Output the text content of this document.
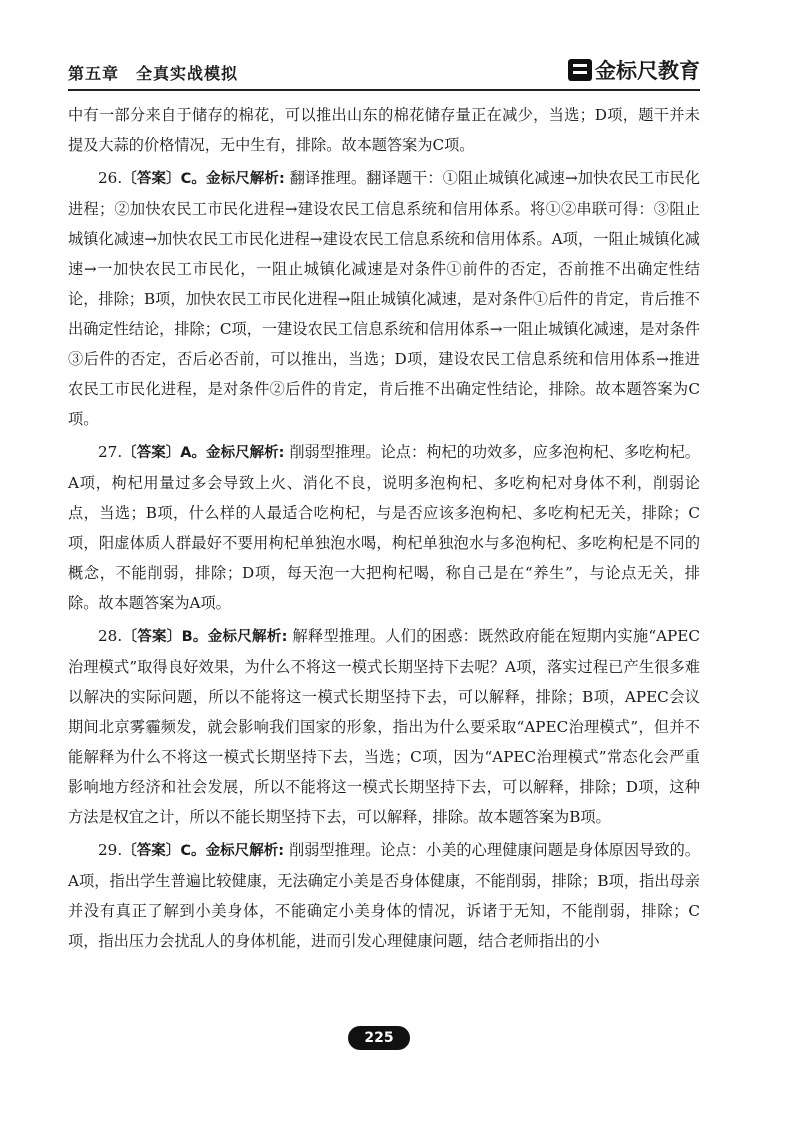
第五章　全真实战模拟	金标尺教育

中有一部分来自于储存的棉花，可以推出山东的棉花储存量正在减少，当选；D项，题干并未提及大蒜的价格情况，无中生有，排除。故本题答案为C项。

26.〔答案〕C。金标尺解析: 翻译推理。翻译题干：①阻止城镇化减速→加快农民工市民化进程；②加快农民工市民化进程→建设农民工信息系统和信用体系。将①②串联可得：③阻止城镇化减速→加快农民工市民化进程→建设农民工信息系统和信用体系。A项，一阻止城镇化减速→一加快农民工市民化，一阻止城镇化减速是对条件①前件的否定，否前推不出确定性结论，排除；B项，加快农民工市民化进程→阻止城镇化减速，是对条件①后件的肯定，肯后推不出确定性结论，排除；C项，一建设农民工信息系统和信用体系→一阻止城镇化减速，是对条件③后件的否定，否后必否前，可以推出，当选；D项，建设农民工信息系统和信用体系→推进农民工市民化进程，是对条件②后件的肯定，肯后推不出确定性结论，排除。故本题答案为C项。

27.〔答案〕A。金标尺解析: 削弱型推理。论点：枸杞的功效多，应多泡枸杞、多吃枸杞。A项，枸杞用量过多会导致上火、消化不良，说明多泡枸杞、多吃枸杞对身体不利，削弱论点，当选；B项，什么样的人最适合吃枸杞，与是否应该多泡枸杞、多吃枸杞无关，排除；C项，阳虚体质人群最好不要用枸杞单独泡水喝，枸杞单独泡水与多泡枸杞、多吃枸杞是不同的概念，不能削弱，排除；D项，每天泡一大把枸杞喝，称自己是在“养生”，与论点无关，排除。故本题答案为A项。

28.〔答案〕B。金标尺解析: 解释型推理。人们的困惑：既然政府能在短期内实施“APEC治理模式”取得良好效果，为什么不将这一模式长期坚持下去呢？A项，落实过程已产生很多难以解决的实际问题，所以不能将这一模式长期坚持下去，可以解释，排除；B项，APEC会议期间北京雾霾频发，就会影响我们国家的形象，指出为什么要采取“APEC治理模式”，但并不能解释为什么不将这一模式长期坚持下去，当选；C项，因为“APEC治理模式”常态化会严重影响地方经济和社会发展，所以不能将这一模式长期坚持下去，可以解释，排除；D项，这种方法是权宜之计，所以不能长期坚持下去，可以解释，排除。故本题答案为B项。

29.〔答案〕C。金标尺解析: 削弱型推理。论点：小美的心理健康问题是身体原因导致的。A项，指出学生普遍比较健康，无法确定小美是否身体健康，不能削弱，排除；B项，指出母亲并没有真正了解到小美身体，不能确定小美身体的情况，诉诸于无知，不能削弱，排除；C项，指出压力会扰乱人的身体机能，进而引发心理健康问题，结合老师指出的小

225
